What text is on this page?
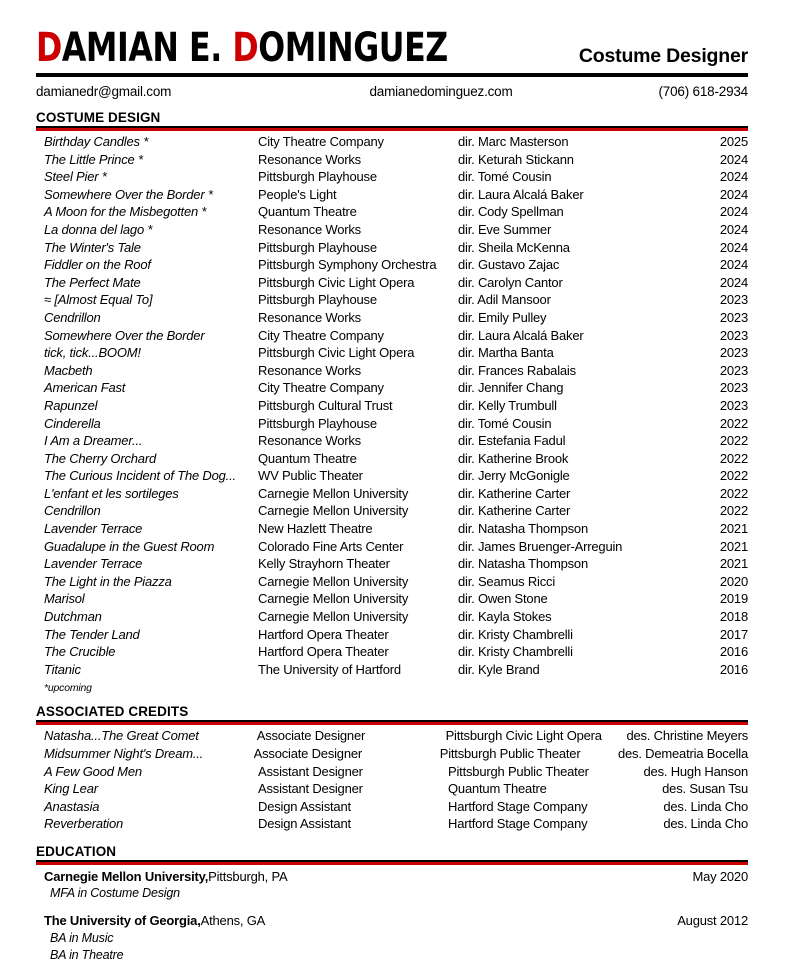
DAMIAN E. DOMINGUEZ	Costume Designer
damianedr@gmail.com	damianedominguez.com	(706) 618-2934
COSTUME DESIGN
Birthday Candles *	City Theatre Company	dir. Marc Masterson	2025
The Little Prince *	Resonance Works	dir. Keturah Stickann	2024
Steel Pier *	Pittsburgh Playhouse	dir. Tomé Cousin	2024
Somewhere Over the Border *	People's Light	dir. Laura Alcalá Baker	2024
A Moon for the Misbegotten *	Quantum Theatre	dir. Cody Spellman	2024
La donna del lago *	Resonance Works	dir. Eve Summer	2024
The Winter's Tale	Pittsburgh Playhouse	dir. Sheila McKenna	2024
Fiddler on the Roof	Pittsburgh Symphony Orchestra	dir. Gustavo Zajac	2024
The Perfect Mate	Pittsburgh Civic Light Opera	dir. Carolyn Cantor	2024
≈ [Almost Equal To]	Pittsburgh Playhouse	dir. Adil Mansoor	2023
Cendrillon	Resonance Works	dir. Emily Pulley	2023
Somewhere Over the Border	City Theatre Company	dir. Laura Alcalá Baker	2023
tick, tick...BOOM!	Pittsburgh Civic Light Opera	dir. Martha Banta	2023
Macbeth	Resonance Works	dir. Frances Rabalais	2023
American Fast	City Theatre Company	dir. Jennifer Chang	2023
Rapunzel	Pittsburgh Cultural Trust	dir. Kelly Trumbull	2023
Cinderella	Pittsburgh Playhouse	dir. Tomé Cousin	2022
I Am a Dreamer...	Resonance Works	dir. Estefania Fadul	2022
The Cherry Orchard	Quantum Theatre	dir. Katherine Brook	2022
The Curious Incident of The Dog...	WV Public Theater	dir. Jerry McGonigle	2022
L'enfant et les sortileges	Carnegie Mellon University	dir. Katherine Carter	2022
Cendrillon	Carnegie Mellon University	dir. Katherine Carter	2022
Lavender Terrace	New Hazlett Theatre	dir. Natasha Thompson	2021
Guadalupe in the Guest Room	Colorado Fine Arts Center	dir. James Bruenger-Arreguin	2021
Lavender Terrace	Kelly Strayhorn Theater	dir. Natasha Thompson	2021
The Light in the Piazza	Carnegie Mellon University	dir. Seamus Ricci	2020
Marisol	Carnegie Mellon University	dir. Owen Stone	2019
Dutchman	Carnegie Mellon University	dir. Kayla Stokes	2018
The Tender Land	Hartford Opera Theater	dir. Kristy Chambrelli	2017
The Crucible	Hartford Opera Theater	dir. Kristy Chambrelli	2016
Titanic	The University of Hartford	dir. Kyle Brand	2016
*upcoming
ASSOCIATED CREDITS
Natasha...The Great Comet	Associate Designer	Pittsburgh Civic Light Opera	des. Christine Meyers
Midsummer Night's Dream...	Associate Designer	Pittsburgh Public Theater	des. Demeatria Bocella
A Few Good Men	Assistant Designer	Pittsburgh Public Theater	des. Hugh Hanson
King Lear	Assistant Designer	Quantum Theatre	des. Susan Tsu
Anastasia	Design Assistant	Hartford Stage Company	des. Linda Cho
Reverberation	Design Assistant	Hartford Stage Company	des. Linda Cho
EDUCATION
Carnegie Mellon University, Pittsburgh, PA	May 2020
MFA in Costume Design
The University of Georgia, Athens, GA	August 2012
BA in Music
BA in Theatre
